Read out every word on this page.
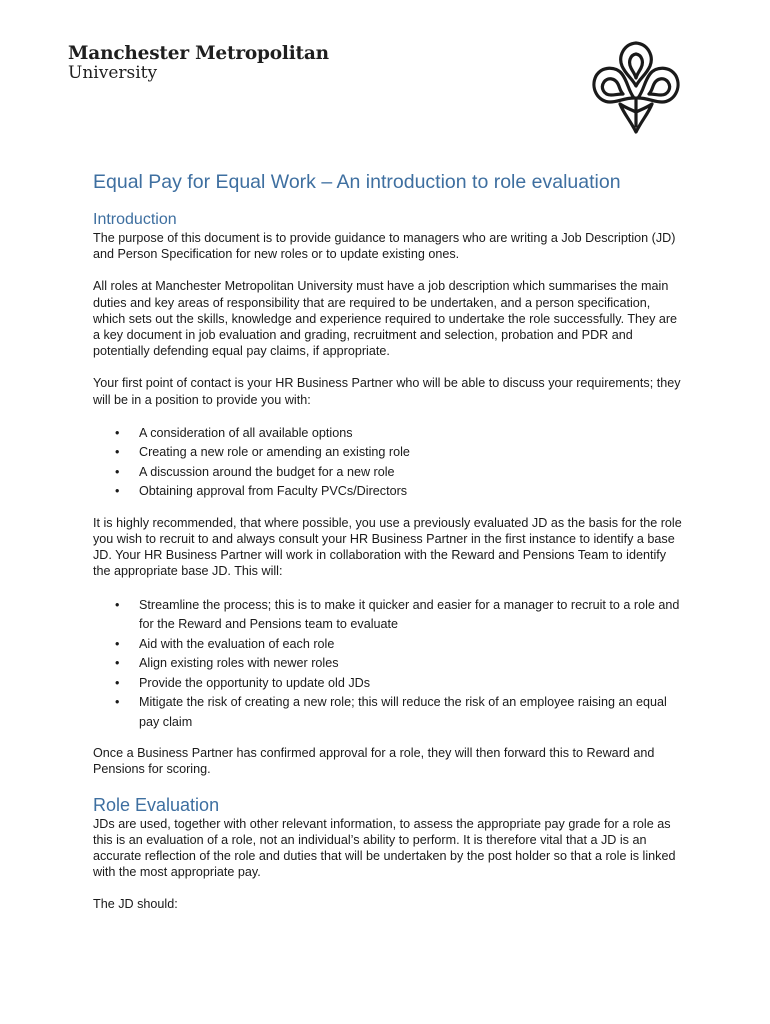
Manchester Metropolitan
University
Equal Pay for Equal Work – An introduction to role evaluation
Introduction

The purpose of this document is to provide guidance to managers who are writing a Job Description (JD) and Person Specification for new roles or to update existing ones.

All roles at Manchester Metropolitan University must have a job description which summarises the main duties and key areas of responsibility that are required to be undertaken, and a person specification, which sets out the skills, knowledge and experience required to undertake the role successfully. They are a key document in job evaluation and grading, recruitment and selection, probation and PDR and potentially defending equal pay claims, if appropriate.

Your first point of contact is your HR Business Partner who will be able to discuss your requirements; they will be in a position to provide you with:

• A consideration of all available options
• Creating a new role or amending an existing role
• A discussion around the budget for a new role
• Obtaining approval from Faculty PVCs/Directors

It is highly recommended, that where possible, you use a previously evaluated JD as the basis for the role you wish to recruit to and always consult your HR Business Partner in the first instance to identify a base JD. Your HR Business Partner will work in collaboration with the Reward and Pensions Team to identify the appropriate base JD. This will:

• Streamline the process; this is to make it quicker and easier for a manager to recruit to a role and for the Reward and Pensions team to evaluate
• Aid with the evaluation of each role
• Align existing roles with newer roles
• Provide the opportunity to update old JDs
• Mitigate the risk of creating a new role; this will reduce the risk of an employee raising an equal pay claim

Once a Business Partner has confirmed approval for a role, they will then forward this to Reward and Pensions for scoring.

Role Evaluation

JDs are used, together with other relevant information, to assess the appropriate pay grade for a role as this is an evaluation of a role, not an individual’s ability to perform. It is therefore vital that a JD is an accurate reflection of the role and duties that will be undertaken by the post holder so that a role is linked with the most appropriate pay.

The JD should:
